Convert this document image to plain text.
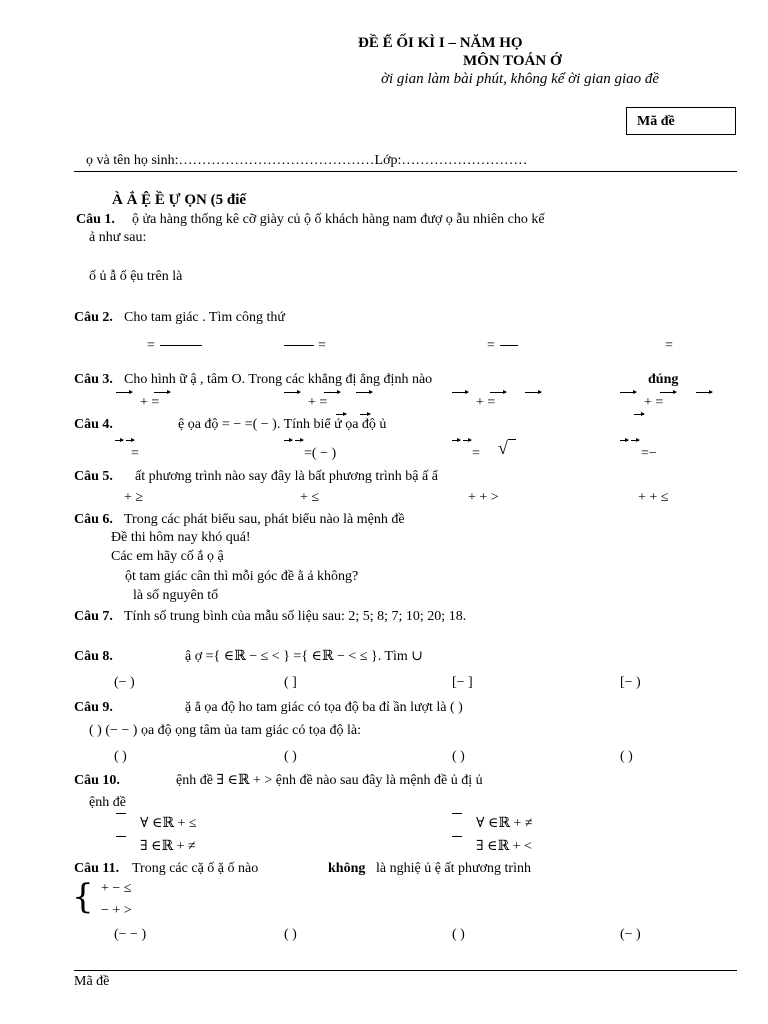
ĐỀ Ể ỐI KÌ I – NĂM HỌ
MÔN TOÁN Ớ
ời gian làm bài phút, không kể ời gian giao đề
Mã đề
ọ và tên họ sinh:……………………………………Lớp:………………………
À Ắ Ệ Ề Ự ỌN (5 điể
Câu 1. ộ ửa hàng thống kê cỡ giày củ ộ ố khách hàng nam đượ ọ ẫu nhiên cho kế
ả như sau:
ố ủ ẫ ố ệu trên là
Câu 2. Cho tam giác . Tìm công thứ
=	=	=	=
Câu 3. Cho hình ữ ậ , tâm O. Trong các khẳng đị ẳng định nào	đúng
+ =	+ =	+ =	+ =
Câu 4.	ệ ọa độ = − =( − ). Tính biể ứ ọa độ ủ
=	=( − )	= √	=−
Câu 5. ất phương trình nào say đây là bất phương trình bậ ấ ẩ
+ ≥	+ ≤	+ + >	+ + ≤
Câu 6. Trong các phát biểu sau, phát biểu nào là mệnh đề
Đề thi hôm nay khó quá!
Các em hãy cố ắ ọ ậ
ột tam giác cân thì mỗi góc đề ằ ả không?
là số nguyên tố
Câu 7. Tính số trung bình của mẫu số liệu sau: 2; 5; 8; 7; 10; 20; 18.
Câu 8.	ậ ợ ={ ∈ℝ − ≤ < } ={ ∈ℝ − < ≤ }. Tìm ∪
(− )	( ]	[− ]	[− )
Câu 9.	ặ ẳ ọa độ ho tam giác có tọa độ ba đỉ ần lượt là ( )
( ) (− − ) ọa độ ọng tâm ủa tam giác có tọa độ là:
( )	( )	( )	( )
Câu 10.	ệnh đề ∃ ∈ℝ + > ệnh đề nào sau đây là mệnh đề ủ đị ủ
ệnh đề
∀ ∈ℝ + ≤	∀ ∈ℝ + ≠
∃ ∈ℝ + ≠	∃ ∈ℝ + <
Câu 11. Trong các cặ ố ặ ố nào	không là nghiệ ủ ệ ất phương trình
{ + − ≤
− + >
(− − )	( )	( )	(− )
Mã đề
